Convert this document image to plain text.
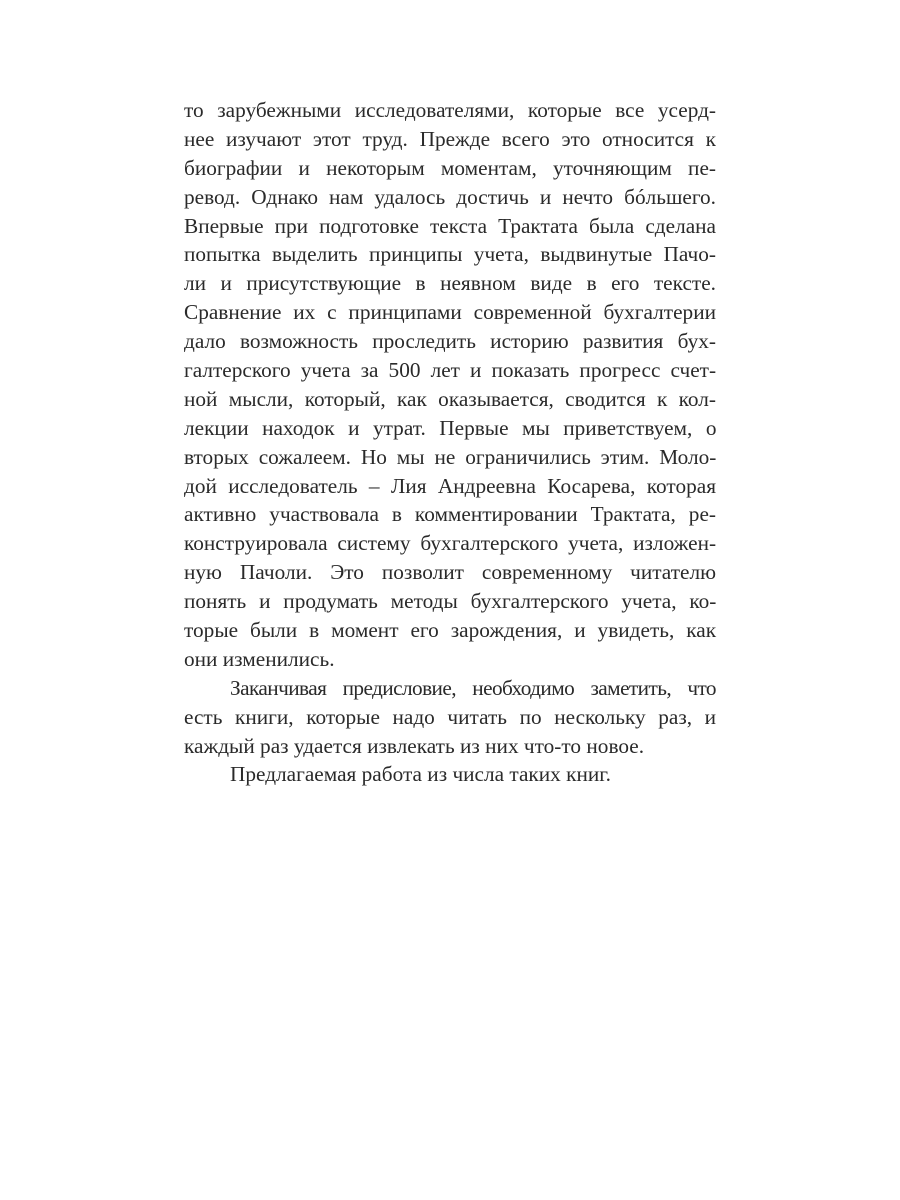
то зарубежными исследователями, которые все усерд-
нее изучают этот труд. Прежде всего это относится к
биографии и некоторым моментам, уточняющим пе-
ревод. Однако нам удалось достичь и нечто бóльшего.
Впервые при подготовке текста Трактата была сделана
попытка выделить принципы учета, выдвинутые Пачо-
ли и присутствующие в неявном виде в его тексте.
Сравнение их с принципами современной бухгалтерии
дало возможность проследить историю развития бух-
галтерского учета за 500 лет и показать прогресс счет-
ной мысли, который, как оказывается, сводится к кол-
лекции находок и утрат. Первые мы приветствуем, о
вторых сожалеем. Но мы не ограничились этим. Моло-
дой исследователь – Лия Андреевна Косарева, которая
активно участвовала в комментировании Трактата, ре-
конструировала систему бухгалтерского учета, изложен-
ную Пачоли. Это позволит современному читателю
понять и продумать методы бухгалтерского учета, ко-
торые были в момент его зарождения, и увидеть, как
они изменились.
Заканчивая предисловие, необходимо заметить, что
есть книги, которые надо читать по нескольку раз, и
каждый раз удается извлекать из них что-то новое.
Предлагаемая работа из числа таких книг.
